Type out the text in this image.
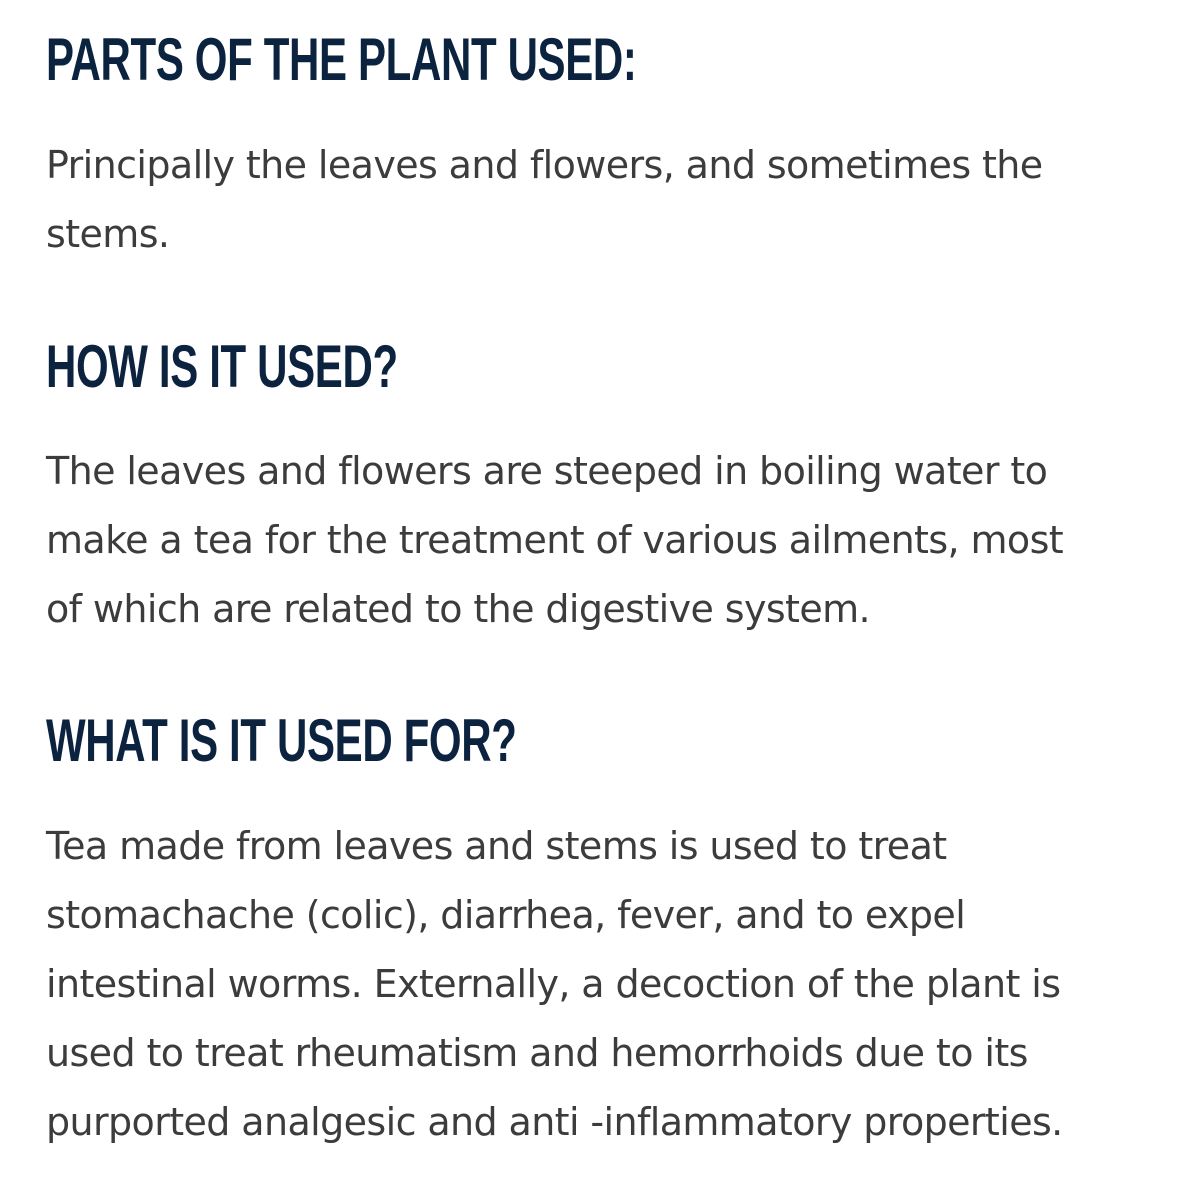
PARTS OF THE PLANT USED:

Principally the leaves and flowers, and sometimes the
stems.

HOW IS IT USED?

The leaves and flowers are steeped in boiling water to
make a tea for the treatment of various ailments, most
of which are related to the digestive system.

WHAT IS IT USED FOR?

Tea made from leaves and stems is used to treat
stomachache (colic), diarrhea, fever, and to expel
intestinal worms. Externally, a decoction of the plant is
used to treat rheumatism and hemorrhoids due to its
purported analgesic and anti -inflammatory properties.
